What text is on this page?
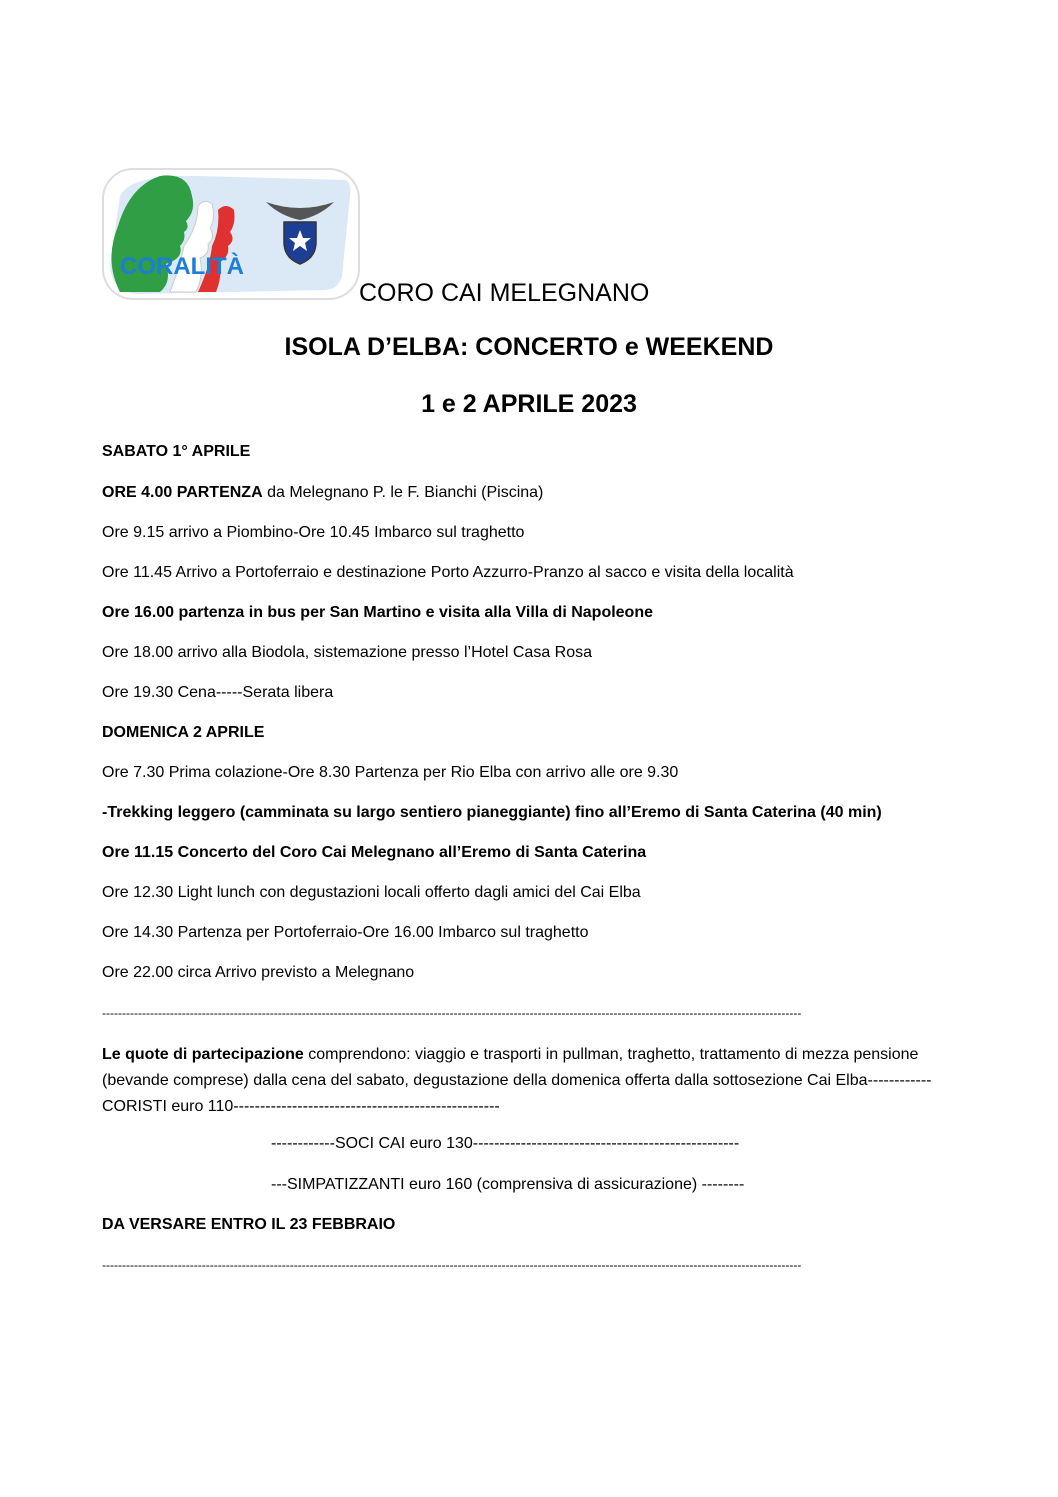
CORALITÀ
CORO CAI MELEGNANO
ISOLA D’ELBA: CONCERTO e WEEKEND
1 e 2 APRILE 2023
SABATO 1° APRILE
ORE 4.00 PARTENZA da Melegnano P. le F. Bianchi (Piscina)
Ore 9.15 arrivo a Piombino-Ore 10.45 Imbarco sul traghetto
Ore 11.45 Arrivo a Portoferraio e destinazione Porto Azzurro-Pranzo al sacco e visita della località
Ore 16.00 partenza in bus per San Martino e visita alla Villa di Napoleone
Ore 18.00 arrivo alla Biodola, sistemazione presso l’Hotel Casa Rosa
Ore 19.30 Cena-----Serata libera
DOMENICA 2 APRILE
Ore 7.30 Prima colazione-Ore 8.30 Partenza per Rio Elba con arrivo alle ore 9.30
-Trekking leggero (camminata su largo sentiero pianeggiante) fino all’Eremo di Santa Caterina (40 min)
Ore 11.15 Concerto del Coro Cai Melegnano all’Eremo di Santa Caterina
Ore 12.30 Light lunch con degustazioni locali offerto dagli amici del Cai Elba
Ore 14.30 Partenza per Portoferraio-Ore 16.00 Imbarco sul traghetto
Ore 22.00 circa Arrivo previsto a Melegnano
-------------------------------------------------------------------------------------------------------------------------------------------------------------------------------
Le quote di partecipazione comprendono: viaggio e trasporti in pullman, traghetto, trattamento di mezza pensione (bevande comprese) dalla cena del sabato, degustazione della domenica offerta dalla sottosezione Cai Elba------------CORISTI euro 110--------------------------------------------------
------------SOCI CAI euro 130--------------------------------------------------
---SIMPATIZZANTI euro 160 (comprensiva di assicurazione) --------
DA VERSARE ENTRO IL 23 FEBBRAIO
-------------------------------------------------------------------------------------------------------------------------------------------------------------------------------
